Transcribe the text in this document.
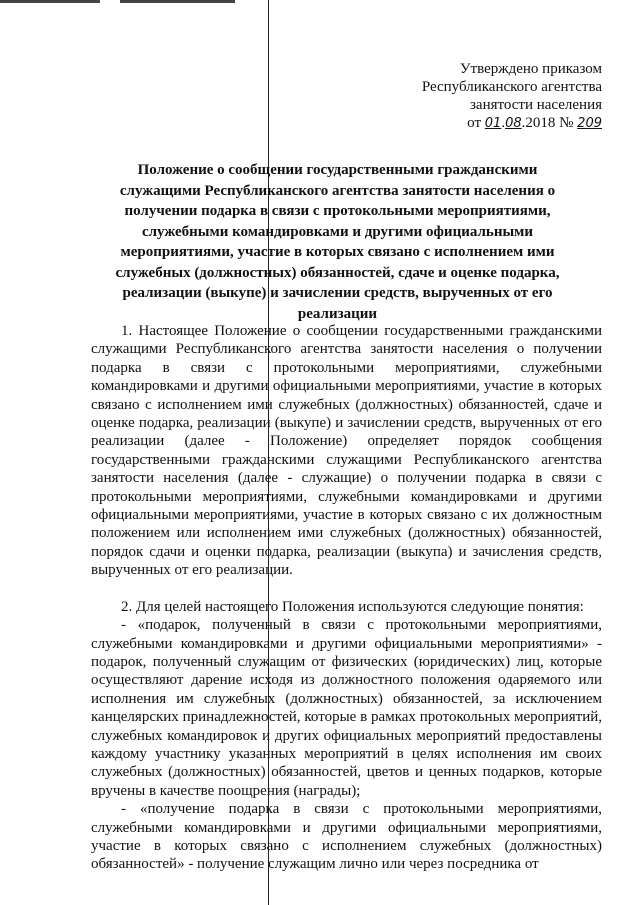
Утверждено приказом
Республиканского агентства
занятости населения
от 01.08.2018 № 209
Положение о сообщении государственными гражданскими служащими Республиканского агентства занятости населения о получении подарка в связи с протокольными мероприятиями, служебными командировками и другими официальными мероприятиями, участие в которых связано с исполнением ими служебных (должностных) обязанностей, сдаче и оценке подарка, реализации (выкупе) и зачислении средств, вырученных от его реализации

1. Настоящее Положение о сообщении государственными гражданскими служащими Республиканского агентства занятости населения о получении подарка в связи с протокольными мероприятиями, служебными командировками и другими официальными мероприятиями, участие в которых связано с исполнением ими служебных (должностных) обязанностей, сдаче и оценке подарка, реализации (выкупе) и зачислении средств, вырученных от его реализации (далее - Положение) определяет порядок сообщения государственными гражданскими служащими Республиканского агентства занятости населения (далее - служащие) о получении подарка в связи с протокольными мероприятиями, служебными командировками и другими официальными мероприятиями, участие в которых связано с их должностным положением или исполнением ими служебных (должностных) обязанностей, порядок сдачи и оценки подарка, реализации (выкупа) и зачисления средств, вырученных от его реализации.

2. Для целей настоящего Положения используются следующие понятия:

- «подарок, полученный в связи с протокольными мероприятиями, служебными командировками и другими официальными мероприятиями» - подарок, полученный служащим от физических (юридических) лиц, которые осуществляют дарение исходя из должностного положения одаряемого или исполнения им служебных (должностных) обязанностей, за исключением канцелярских принадлежностей, которые в рамках протокольных мероприятий, служебных командировок и других официальных мероприятий предоставлены каждому участнику указанных мероприятий в целях исполнения им своих служебных (должностных) обязанностей, цветов и ценных подарков, которые вручены в качестве поощрения (награды);

- «получение подарка в связи с протокольными мероприятиями, служебными командировками и другими официальными мероприятиями, участие в которых связано с исполнением служебных (должностных) обязанностей» - получение служащим лично или через посредника от
